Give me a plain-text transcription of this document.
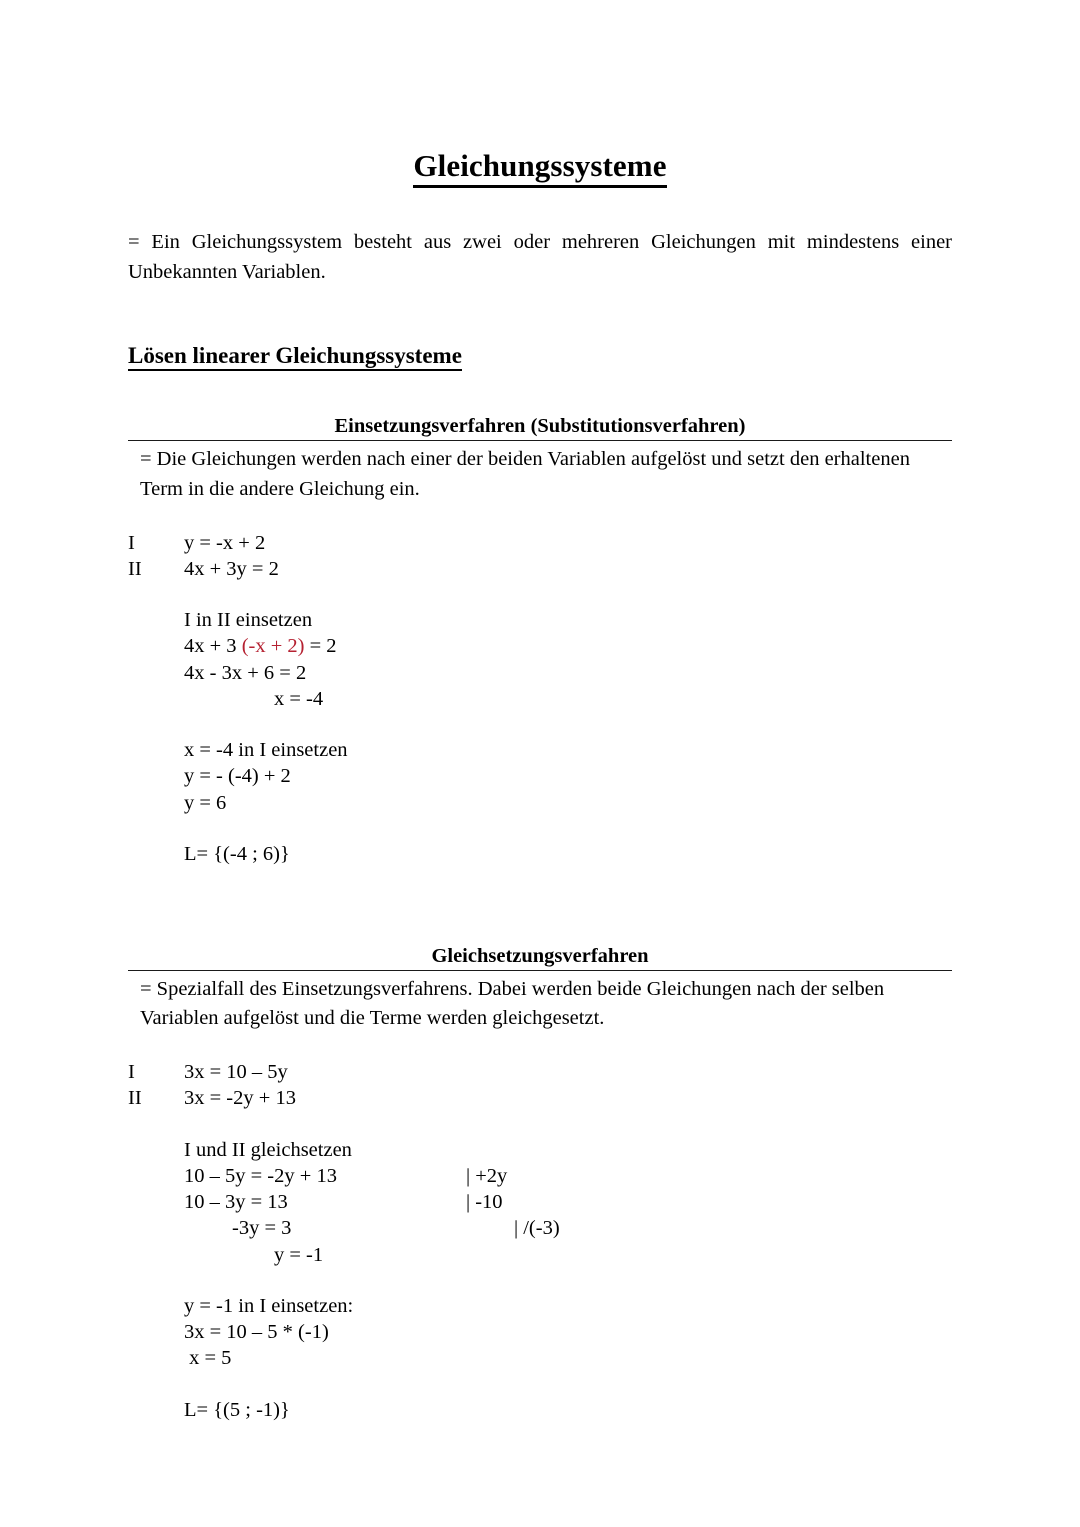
Gleichungssysteme

= Ein Gleichungssystem besteht aus zwei oder mehreren Gleichungen mit mindestens einer Unbekannten Variablen.

Lösen linearer Gleichungssysteme
Einsetzungsverfahren (Substitutionsverfahren)
= Die Gleichungen werden nach einer der beiden Variablen aufgelöst und setzt den erhaltenen Term in die andere Gleichung ein.
I	y = -x + 2
II	4x + 3y = 2
I in II einsetzen
4x + 3 (-x + 2) = 2
4x - 3x + 6 = 2
x = -4
x = -4 in I einsetzen
y = - (-4) + 2
y = 6
L= {(-4 ; 6)}
Gleichsetzungsverfahren
= Spezialfall des Einsetzungsverfahrens. Dabei werden beide Gleichungen nach der selben Variablen aufgelöst und die Terme werden gleichgesetzt.
I	3x = 10 – 5y
II	3x = -2y + 13
I und II gleichsetzen
10 – 5y = -2y + 13	| +2y
10 – 3y = 13	| -10
-3y = 3	| /(-3)
y = -1
y = -1 in I einsetzen:
3x = 10 – 5 * (-1)
x = 5
L= {(5 ; -1)}
